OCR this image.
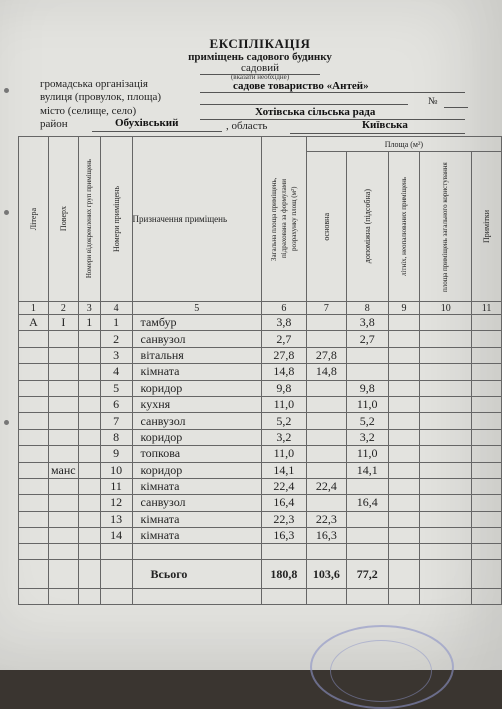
ЕКСПЛІКАЦІЯ
приміщень садового будинку
садовий
(вказати необхідне)
громадська організація	садове товариство «Антей»
вулиця (провулок, площа)	№
місто (селище, село)	Хотівська сільська рада
район	Обухівський	, область	Київська
Літера	Поверх	Номери відокремлених груп приміщень	Номери приміщень	Призначення приміщень	Загальна площа приміщень, підрахована за формулами розрахунку площ (м²)	Площа (м²)				

						основна	допоміжна (підсобна)	літніх, неопалюваних приміщень	площа приміщень загального користування	Примітки

1	2	3	4	5	6	7	8	9	10	11
А	І	1	1	тамбур	3,8		3,8			
			2	санвузол	2,7		2,7			
			3	вітальня	27,8	27,8				
			4	кімната	14,8	14,8				
			5	коридор	9,8		9,8			
			6	кухня	11,0		11,0			
			7	санвузол	5,2		5,2			
			8	коридор	3,2		3,2			
			9	топкова	11,0		11,0			
	манс		10	коридор	14,1		14,1			
			11	кімната	22,4	22,4				
			12	санвузол	16,4		16,4			
			13	кімната	22,3	22,3				
			14	кімната	16,3	16,3				

				Всього	180,8	103,6	77,2			
